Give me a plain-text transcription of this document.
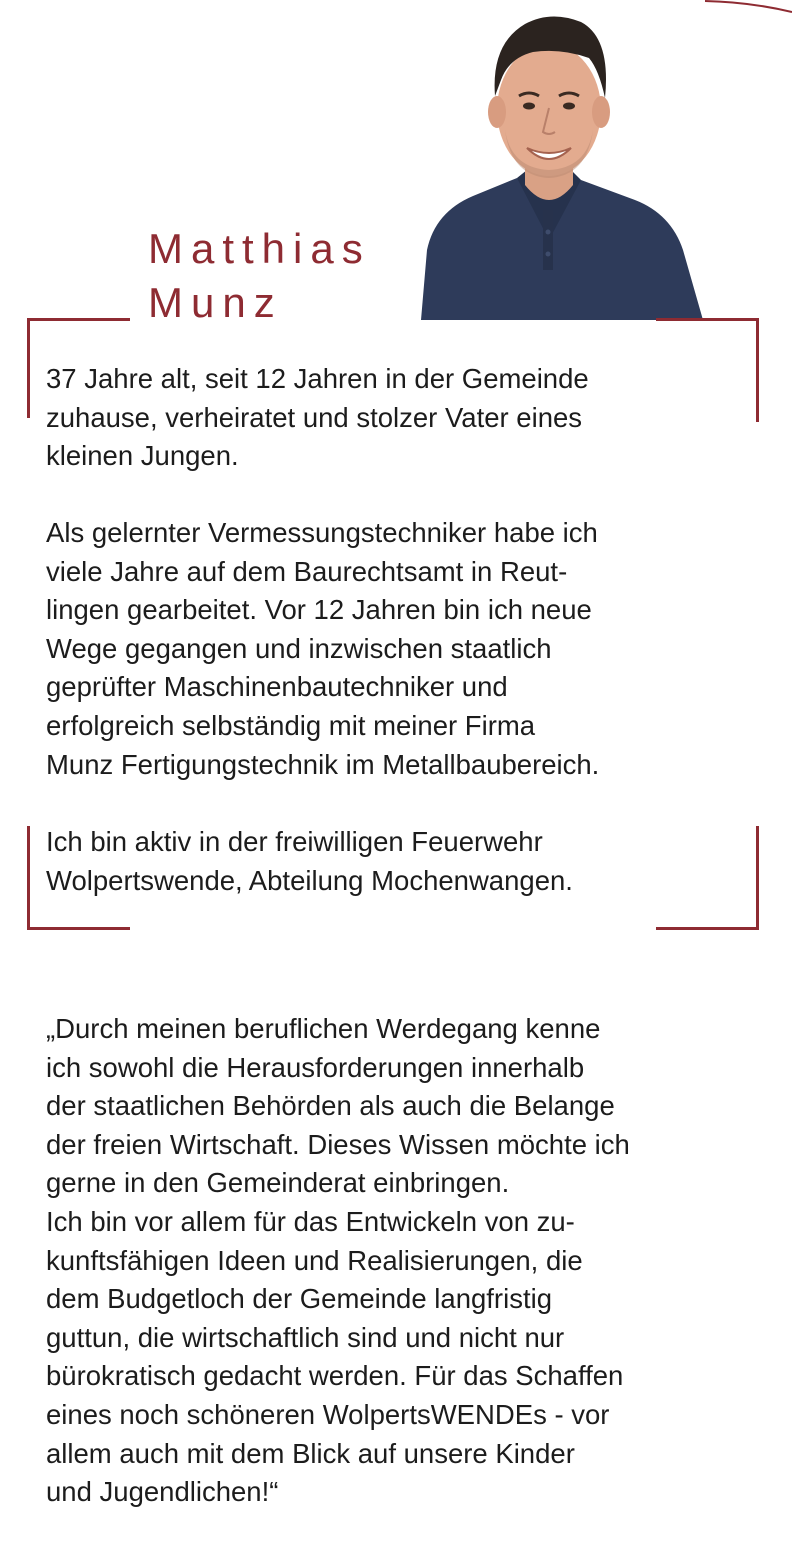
Matthias
Munz

37 Jahre alt, seit 12 Jahren in der Gemeinde
zuhause, verheiratet und stolzer Vater eines
kleinen Jungen.

Als gelernter Vermessungstechniker habe ich
viele Jahre auf dem Baurechtsamt in Reut-
lingen gearbeitet. Vor 12 Jahren bin ich neue
Wege gegangen und inzwischen staatlich
geprüfter Maschinenbautechniker und
erfolgreich selbständig mit meiner Firma
Munz Fertigungstechnik im Metallbaubereich.

Ich bin aktiv in der freiwilligen Feuerwehr
Wolpertswende, Abteilung Mochenwangen.

„Durch meinen beruflichen Werdegang kenne
ich sowohl die Herausforderungen innerhalb
der staatlichen Behörden als auch die Belange
der freien Wirtschaft. Dieses Wissen möchte ich
gerne in den Gemeinderat einbringen.
Ich bin vor allem für das Entwickeln von zu-
kunftsfähigen Ideen und Realisierungen, die
dem Budgetloch der Gemeinde langfristig
guttun, die wirtschaftlich sind und nicht nur
bürokratisch gedacht werden. Für das Schaffen
eines noch schöneren WolpertsWENDEs - vor
allem auch mit dem Blick auf unsere Kinder
und Jugendlichen!“
